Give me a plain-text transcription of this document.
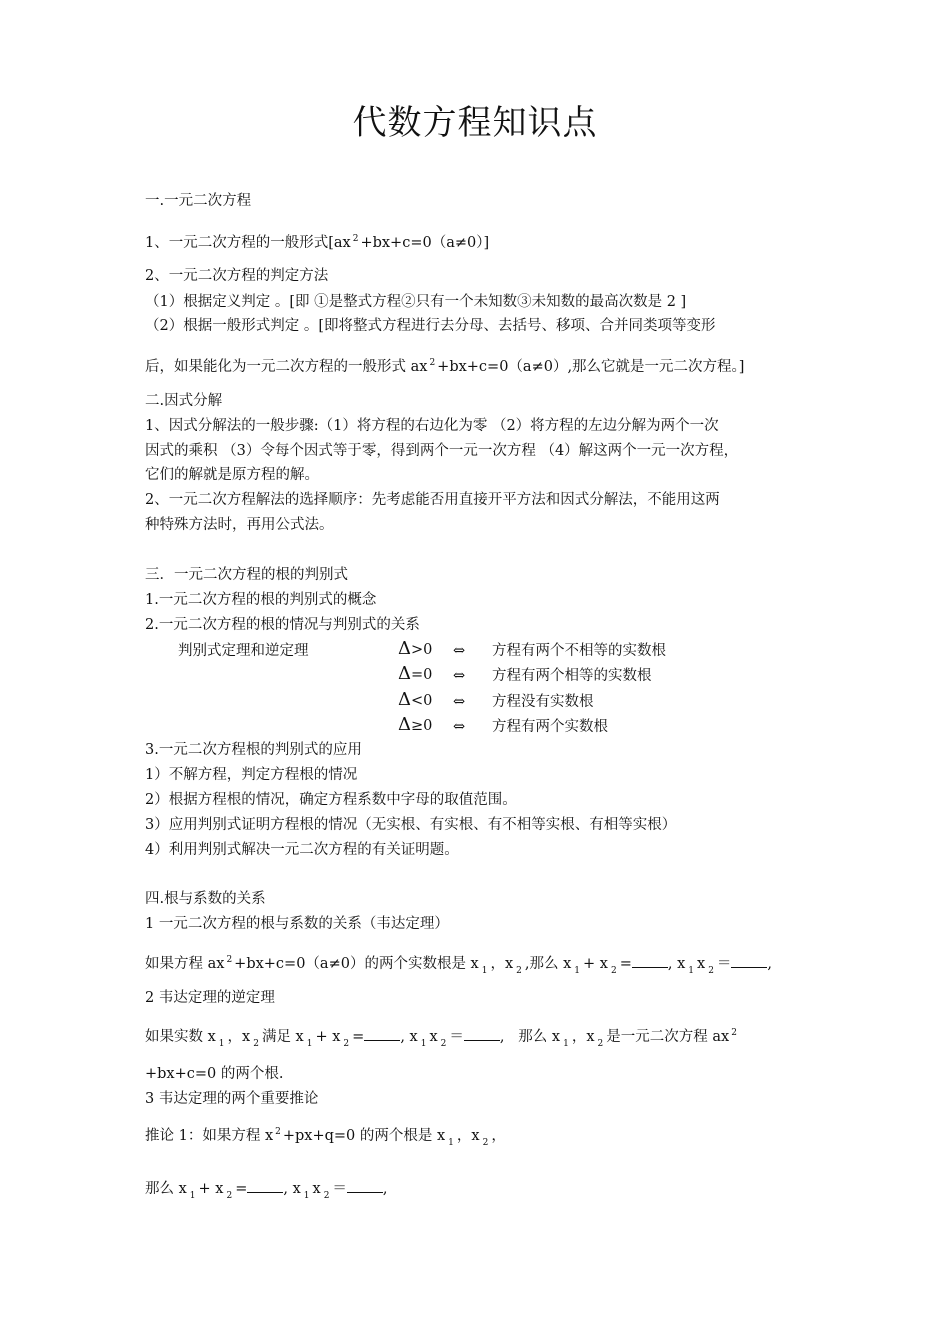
代数方程知识点
一.一元二次方程
1、一元二次方程的一般形式[ax $^2$ +bx+c=0（a≠0）]
2、一元二次方程的判定方法
（1）根据定义判定 。[即 ①是整式方程②只有一个未知数③未知数的最高次数是 2 ]
（2）根据一般形式判定 。[即将整式方程进行去分母、去括号、移项、合并同类项等变形
后，如果能化为一元二次方程的一般形式 ax $^2$ +bx+c=0（a≠0）,那么它就是一元二次方程。]
二.因式分解
1、因式分解法的一般步骤:（1）将方程的右边化为零 （2）将方程的左边分解为两个一次
因式的乘积 （3）令每个因式等于零，得到两个一元一次方程 （4）解这两个一元一次方程，
它们的解就是原方程的解。
2、一元二次方程解法的选择顺序：先考虑能否用直接开平方法和因式分解法，不能用这两
种特殊方法时，再用公式法。
三．一元二次方程的根的判别式
1.一元二次方程的根的判别式的概念
2.一元二次方程的根的情况与判别式的关系
判别式定理和逆定理	Δ>0 ⇔ 方程有两个不相等的实数根
Δ=0 ⇔ 方程有两个相等的实数根
Δ<0 ⇔ 方程没有实数根
Δ≥0 ⇔ 方程有两个实数根
3.一元二次方程根的判别式的应用
1）不解方程，判定方程根的情况
2）根据方程根的情况，确定方程系数中字母的取值范围。
3）应用判别式证明方程根的情况（无实根、有实根、有不相等实根、有相等实根）
4）利用判别式解决一元二次方程的有关证明题。
四.根与系数的关系
1 一元二次方程的根与系数的关系（韦达定理）
如果方程 ax $^2$ +bx+c=0（a≠0）的两个实数根是 x $_1$ ，x $_2$ ,那么 x $_1$ + x $_2$ = , x $_1$ x $_2$ ＝ ,
2 韦达定理的逆定理
如果实数 x $_1$ ，x $_2$ 满足 x $_1$ + x $_2$ = , x $_1$ x $_2$ ＝ ,   那么 x $_1$ ，x $_2$ 是一元二次方程 ax $^2$
+bx+c=0 的两个根.
3 韦达定理的两个重要推论
推论 1：如果方程 x $^2$ +px+q=0 的两个根是 x $_1$ ，x $_2$ ，
那么 x $_1$ + x $_2$ = , x $_1$ x $_2$ ＝ ,
